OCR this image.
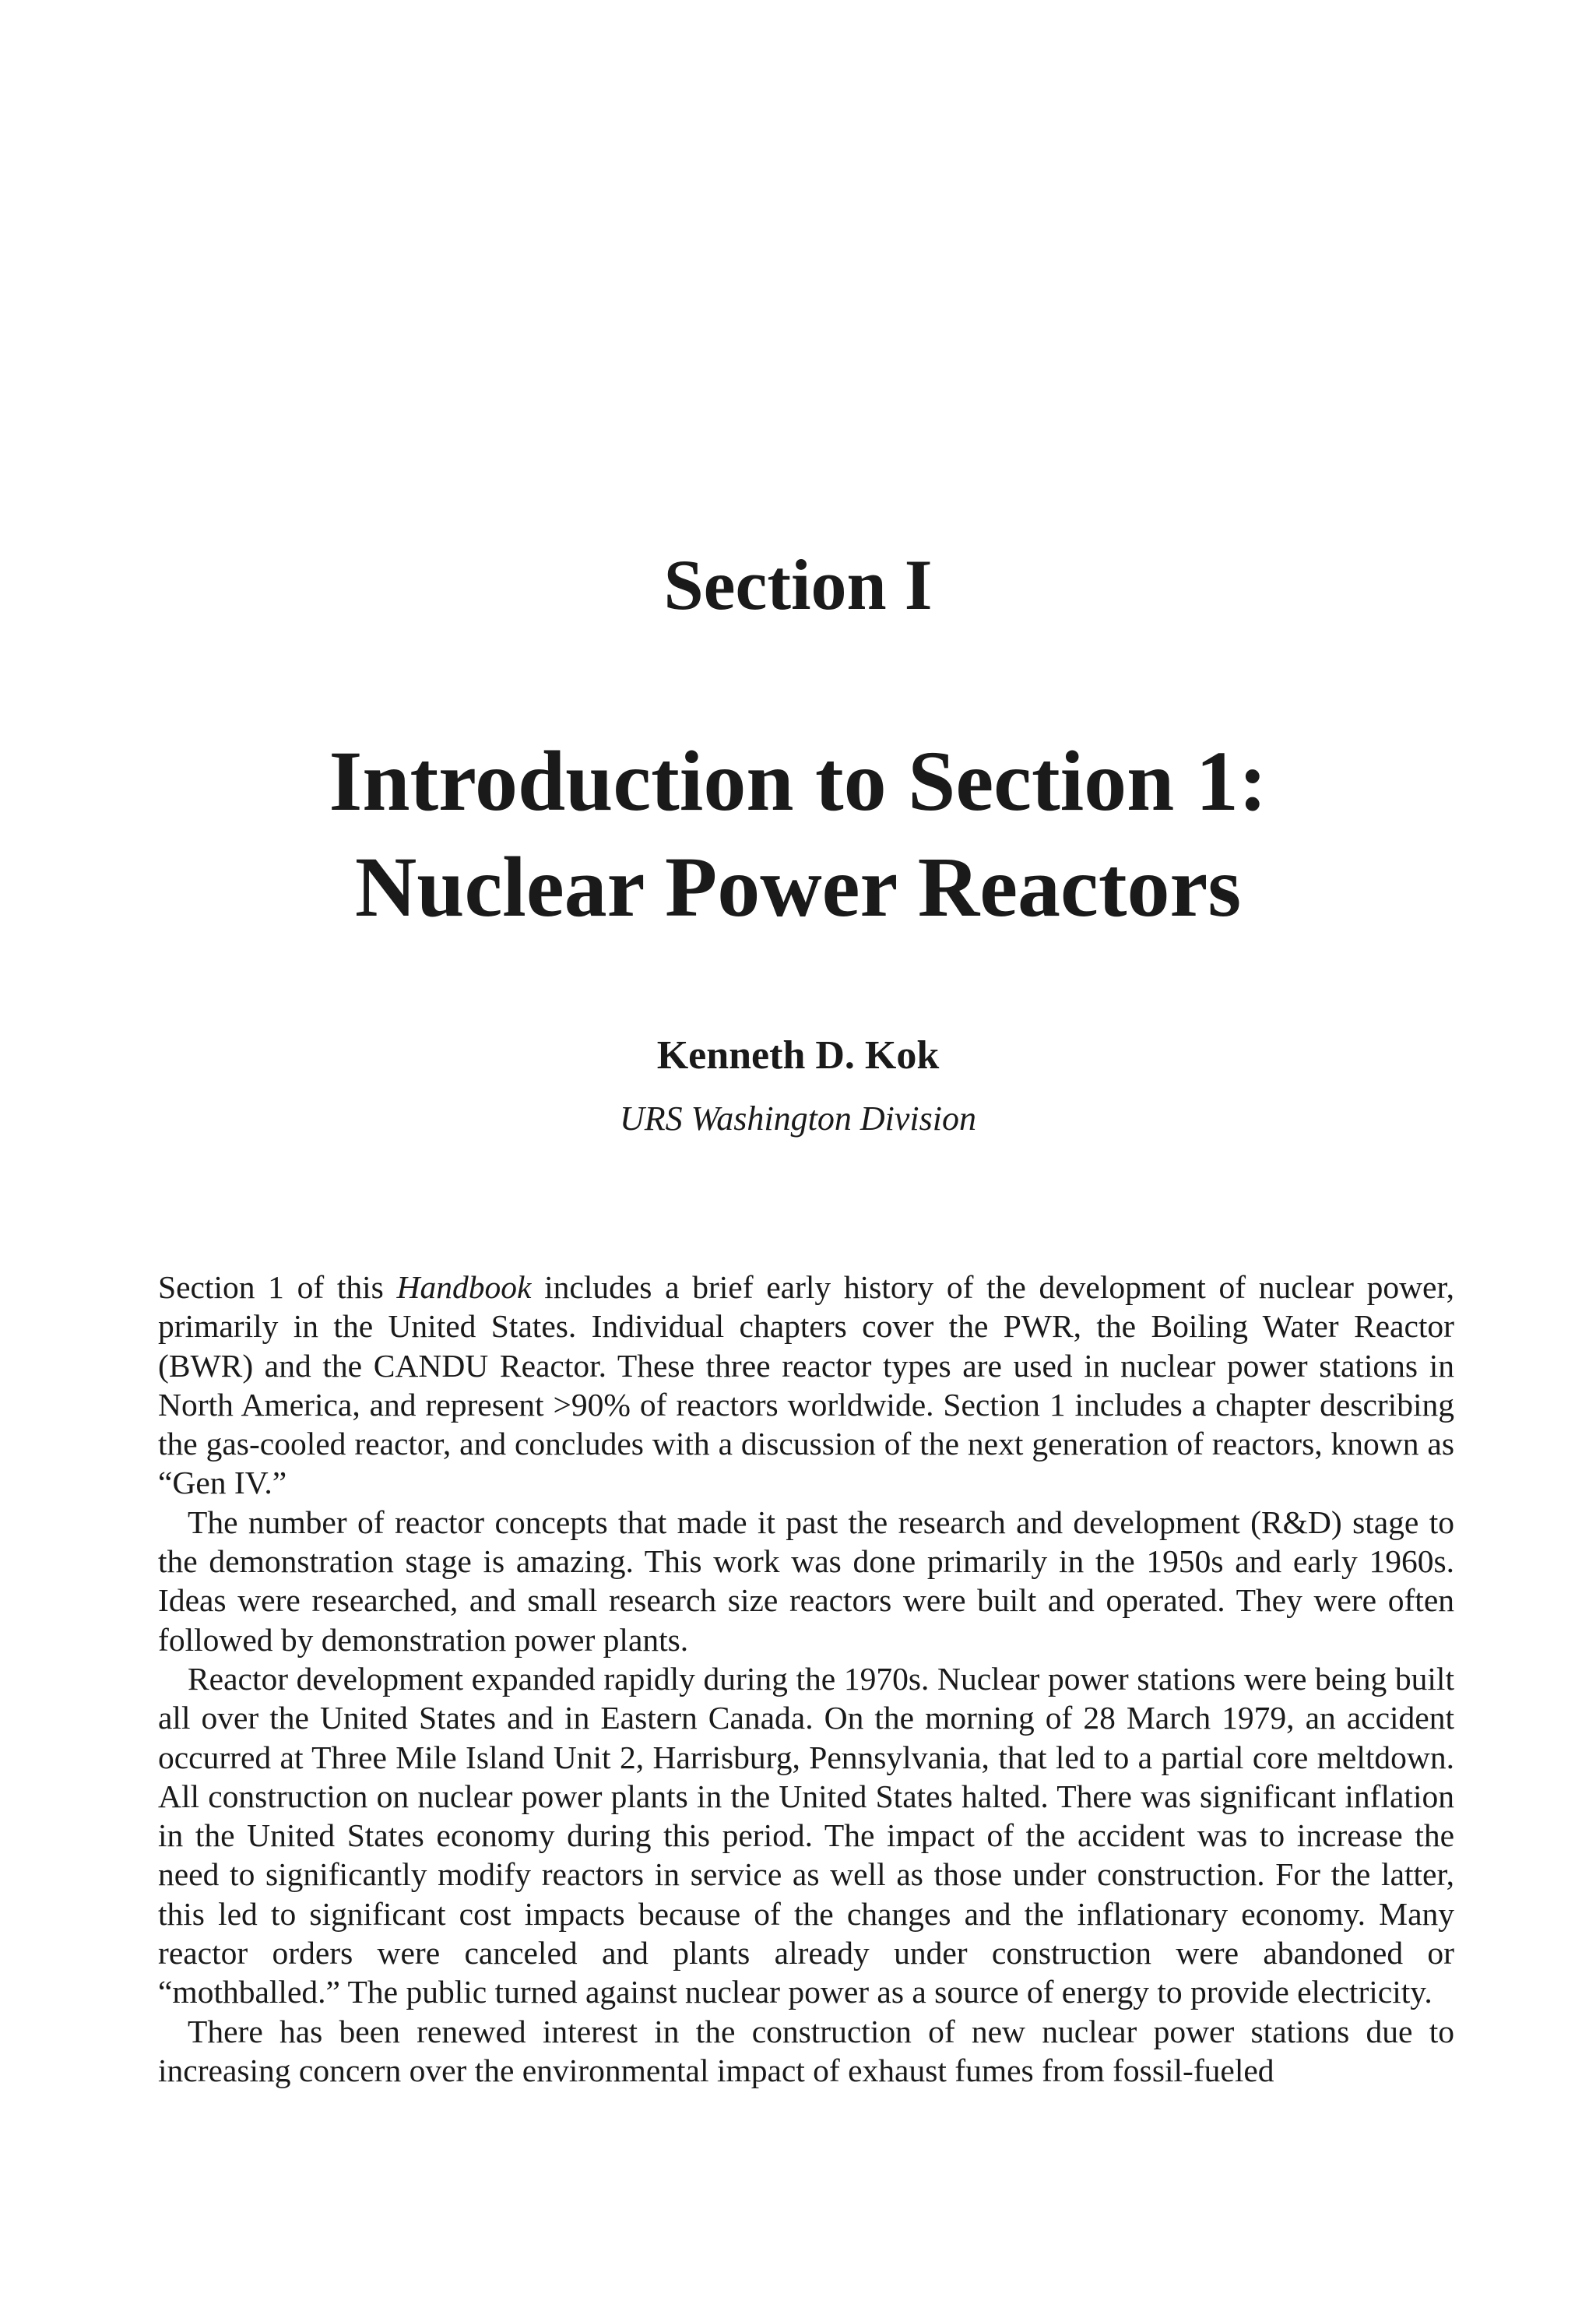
Section I
Introduction to Section 1:
Nuclear Power Reactors
Kenneth D. Kok
URS Washington Division

Section 1 of this Handbook includes a brief early history of the development of nuclear power, primarily in the United States. Individual chapters cover the PWR, the Boiling Water Reactor (BWR) and the CANDU Reactor. These three reactor types are used in nuclear power stations in North America, and represent >90% of reactors worldwide. Section 1 includes a chapter describing the gas-cooled reactor, and concludes with a discussion of the next generation of reactors, known as “Gen IV.”

The number of reactor concepts that made it past the research and development (R&D) stage to the demonstration stage is amazing. This work was done primarily in the 1950s and early 1960s. Ideas were researched, and small research size reactors were built and operated. They were often followed by demonstration power plants.

Reactor development expanded rapidly during the 1970s. Nuclear power stations were being built all over the United States and in Eastern Canada. On the morning of 28 March 1979, an accident occurred at Three Mile Island Unit 2, Harrisburg, Pennsylvania, that led to a partial core meltdown. All construction on nuclear power plants in the United States halted. There was significant inflation in the United States economy during this period. The impact of the accident was to increase the need to significantly modify reactors in service as well as those under construction. For the latter, this led to significant cost impacts because of the changes and the inflationary economy. Many reactor orders were canceled and plants already under construction were abandoned or “mothballed.” The public turned against nuclear power as a source of energy to provide electricity.

There has been renewed interest in the construction of new nuclear power stations due to increasing concern over the environmental impact of exhaust fumes from fossil-fueled
